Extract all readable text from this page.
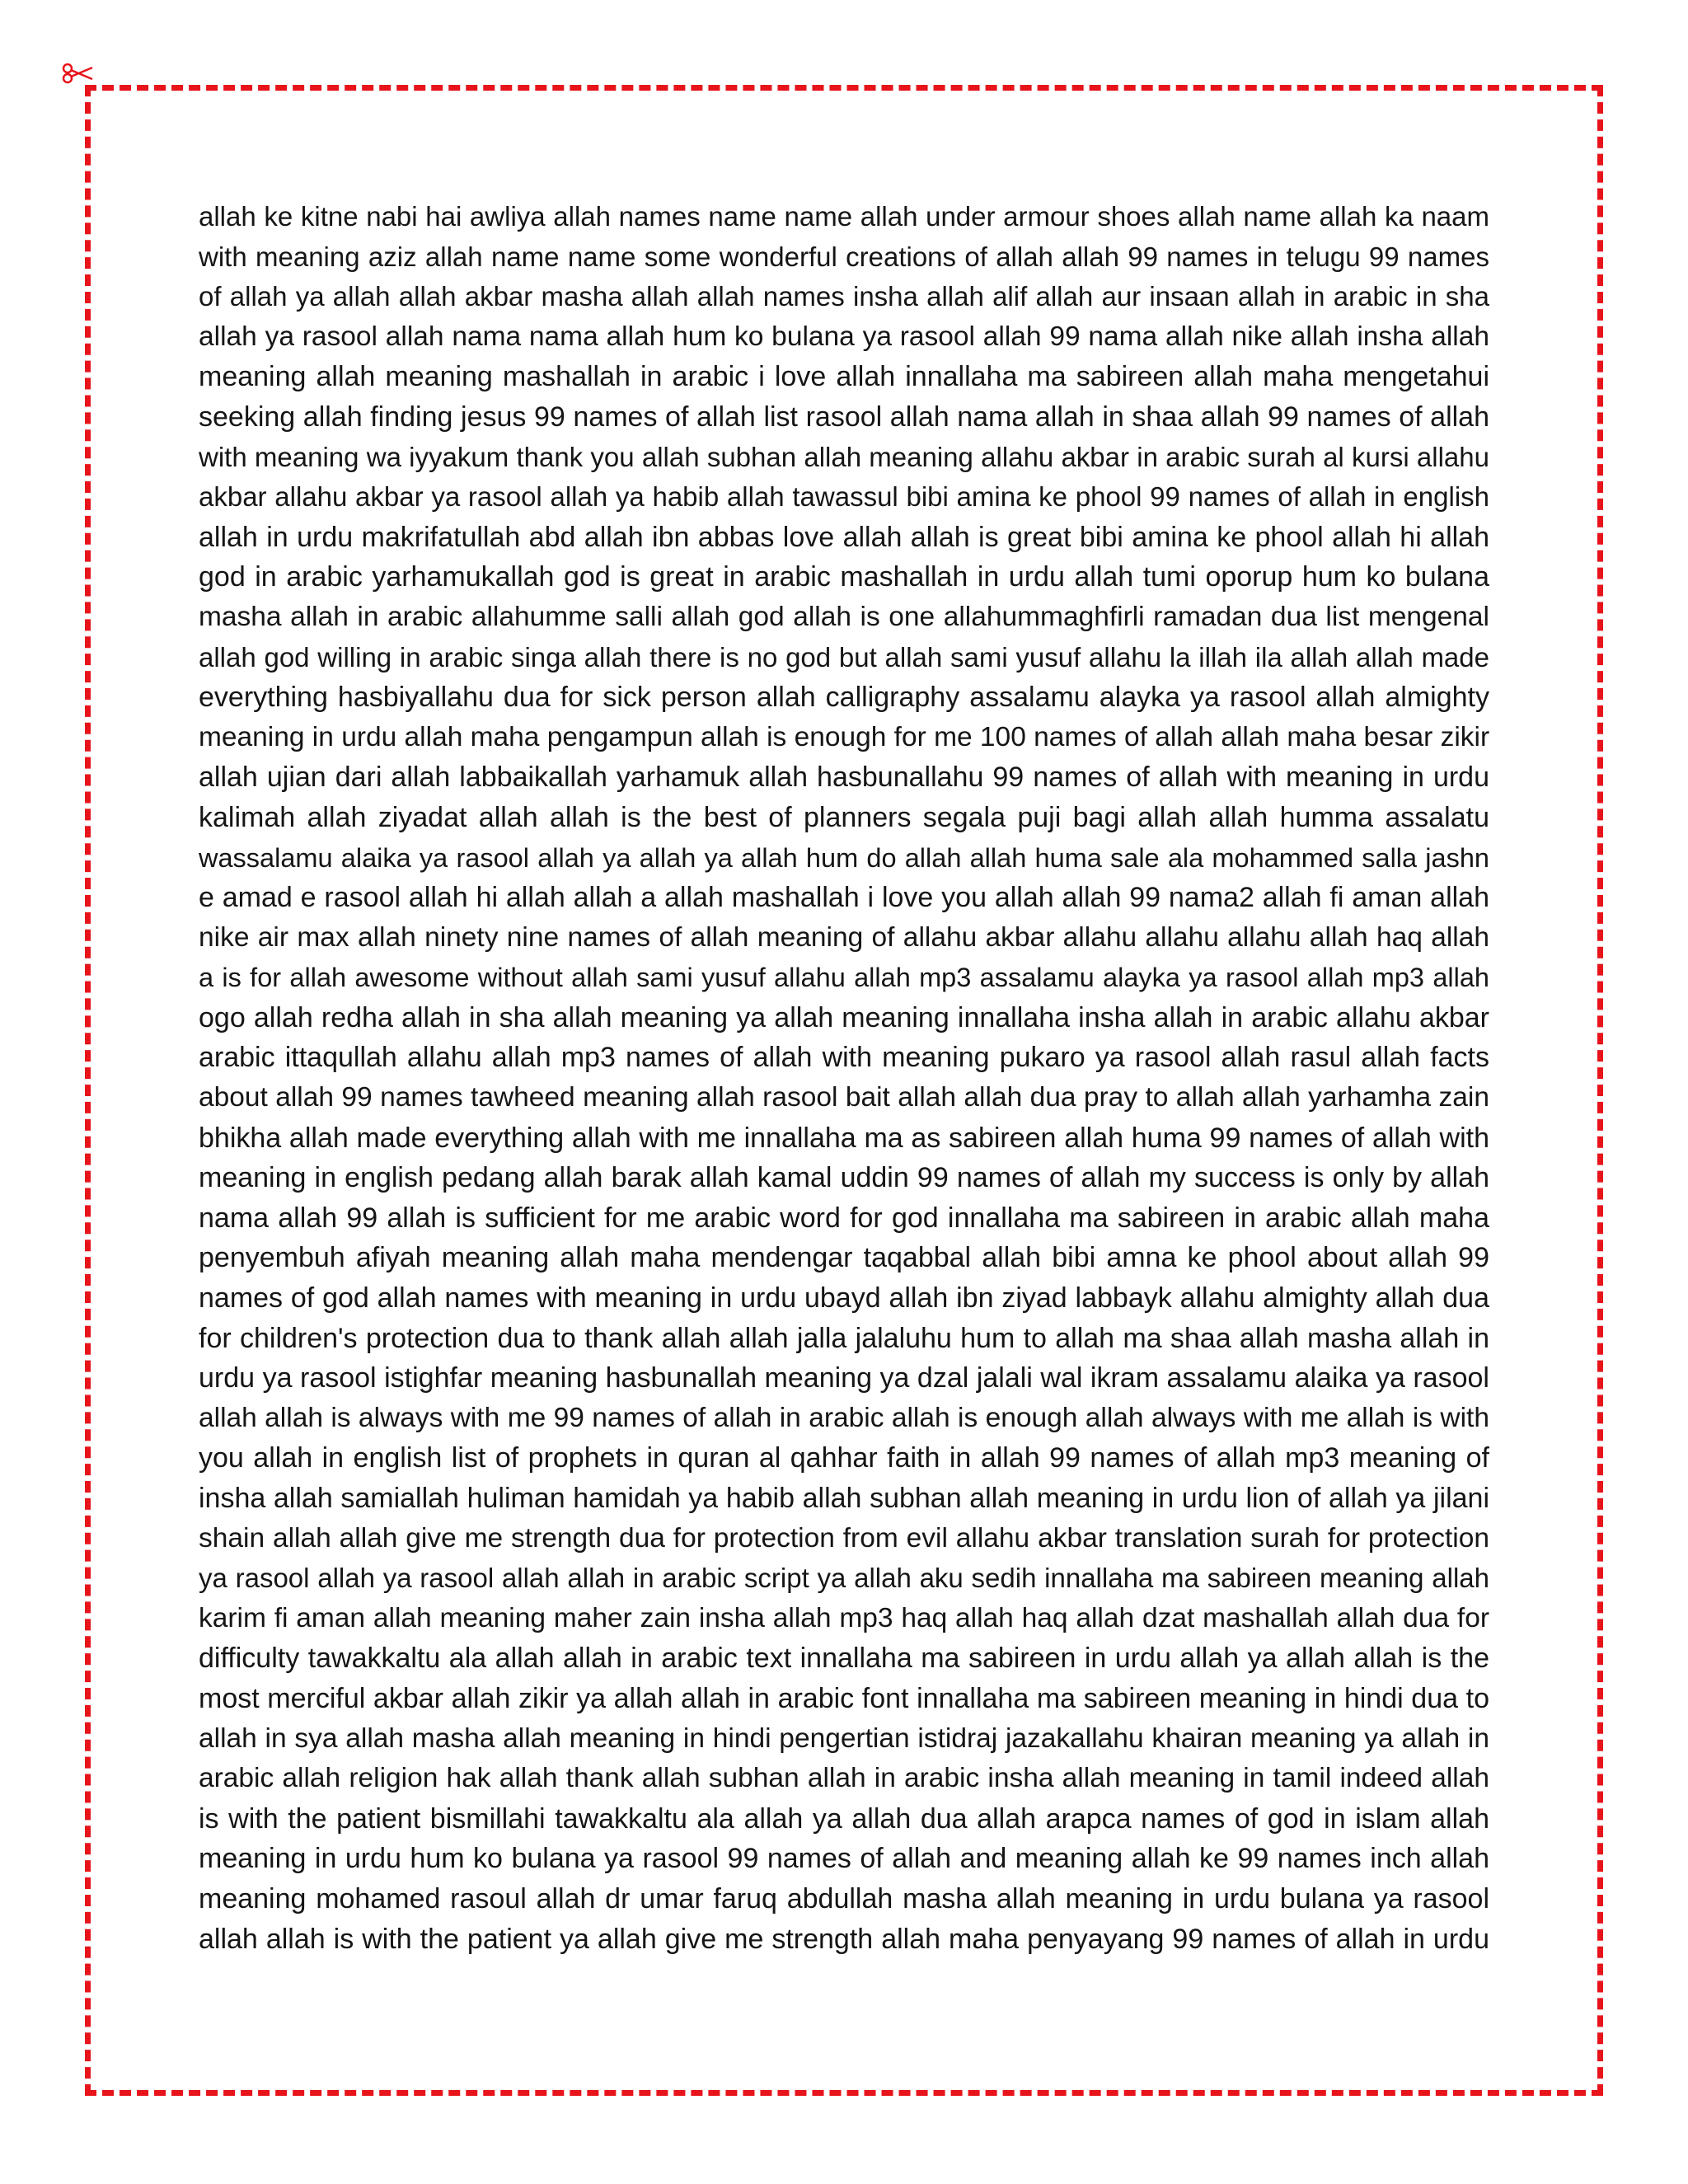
allah ke kitne nabi hai awliya allah names name name allah under armour shoes allah name allah ka naam
with meaning aziz allah name name some wonderful creations of allah allah 99 names in telugu 99 names
of allah ya allah allah akbar masha allah allah names insha allah alif allah aur insaan allah in arabic in sha
allah ya rasool allah nama nama allah hum ko bulana ya rasool allah 99 nama allah nike allah insha allah
meaning allah meaning mashallah in arabic i love allah innallaha ma sabireen allah maha mengetahui
seeking allah finding jesus 99 names of allah list rasool allah nama allah in shaa allah 99 names of allah
with meaning wa iyyakum thank you allah subhan allah meaning allahu akbar in arabic surah al kursi allahu
akbar allahu akbar ya rasool allah ya habib allah tawassul bibi amina ke phool 99 names of allah in english
allah in urdu makrifatullah abd allah ibn abbas love allah allah is great bibi amina ke phool allah hi allah
god in arabic yarhamukallah god is great in arabic mashallah in urdu allah tumi oporup hum ko bulana
masha allah in arabic allahumme salli allah god allah is one allahummaghfirli ramadan dua list mengenal
allah god willing in arabic singa allah there is no god but allah sami yusuf allahu la illah ila allah allah made
everything hasbiyallahu dua for sick person allah calligraphy assalamu alayka ya rasool allah almighty
meaning in urdu allah maha pengampun allah is enough for me 100 names of allah allah maha besar zikir
allah ujian dari allah labbaikallah yarhamuk allah hasbunallahu 99 names of allah with meaning in urdu
kalimah allah ziyadat allah allah is the best of planners segala puji bagi allah allah humma assalatu
wassalamu alaika ya rasool allah ya allah ya allah hum do allah allah huma sale ala mohammed salla jashn
e amad e rasool allah hi allah allah a allah mashallah i love you allah allah 99 nama2 allah fi aman allah
nike air max allah ninety nine names of allah meaning of allahu akbar allahu allahu allahu allah haq allah
a is for allah awesome without allah sami yusuf allahu allah mp3 assalamu alayka ya rasool allah mp3 allah
ogo allah redha allah in sha allah meaning ya allah meaning innallaha insha allah in arabic allahu akbar
arabic ittaqullah allahu allah mp3 names of allah with meaning pukaro ya rasool allah rasul allah facts
about allah 99 names tawheed meaning allah rasool bait allah allah dua pray to allah allah yarhamha zain
bhikha allah made everything allah with me innallaha ma as sabireen allah huma 99 names of allah with
meaning in english pedang allah barak allah kamal uddin 99 names of allah my success is only by allah
nama allah 99 allah is sufficient for me arabic word for god innallaha ma sabireen in arabic allah maha
penyembuh afiyah meaning allah maha mendengar taqabbal allah bibi amna ke phool about allah 99
names of god allah names with meaning in urdu ubayd allah ibn ziyad labbayk allahu almighty allah dua
for children's protection dua to thank allah allah jalla jalaluhu hum to allah ma shaa allah masha allah in
urdu ya rasool istighfar meaning hasbunallah meaning ya dzal jalali wal ikram assalamu alaika ya rasool
allah allah is always with me 99 names of allah in arabic allah is enough allah always with me allah is with
you allah in english list of prophets in quran al qahhar faith in allah 99 names of allah mp3 meaning of
insha allah samiallah huliman hamidah ya habib allah subhan allah meaning in urdu lion of allah ya jilani
shain allah allah give me strength dua for protection from evil allahu akbar translation surah for protection
ya rasool allah ya rasool allah allah in arabic script ya allah aku sedih innallaha ma sabireen meaning allah
karim fi aman allah meaning maher zain insha allah mp3 haq allah haq allah dzat mashallah allah dua for
difficulty tawakkaltu ala allah allah in arabic text innallaha ma sabireen in urdu allah ya allah allah is the
most merciful akbar allah zikir ya allah allah in arabic font innallaha ma sabireen meaning in hindi dua to
allah in sya allah masha allah meaning in hindi pengertian istidraj jazakallahu khairan meaning ya allah in
arabic allah religion hak allah thank allah subhan allah in arabic insha allah meaning in tamil indeed allah
is with the patient bismillahi tawakkaltu ala allah ya allah dua allah arapca names of god in islam allah
meaning in urdu hum ko bulana ya rasool 99 names of allah and meaning allah ke 99 names inch allah
meaning mohamed rasoul allah dr umar faruq abdullah masha allah meaning in urdu bulana ya rasool
allah allah is with the patient ya allah give me strength allah maha penyayang 99 names of allah in urdu
